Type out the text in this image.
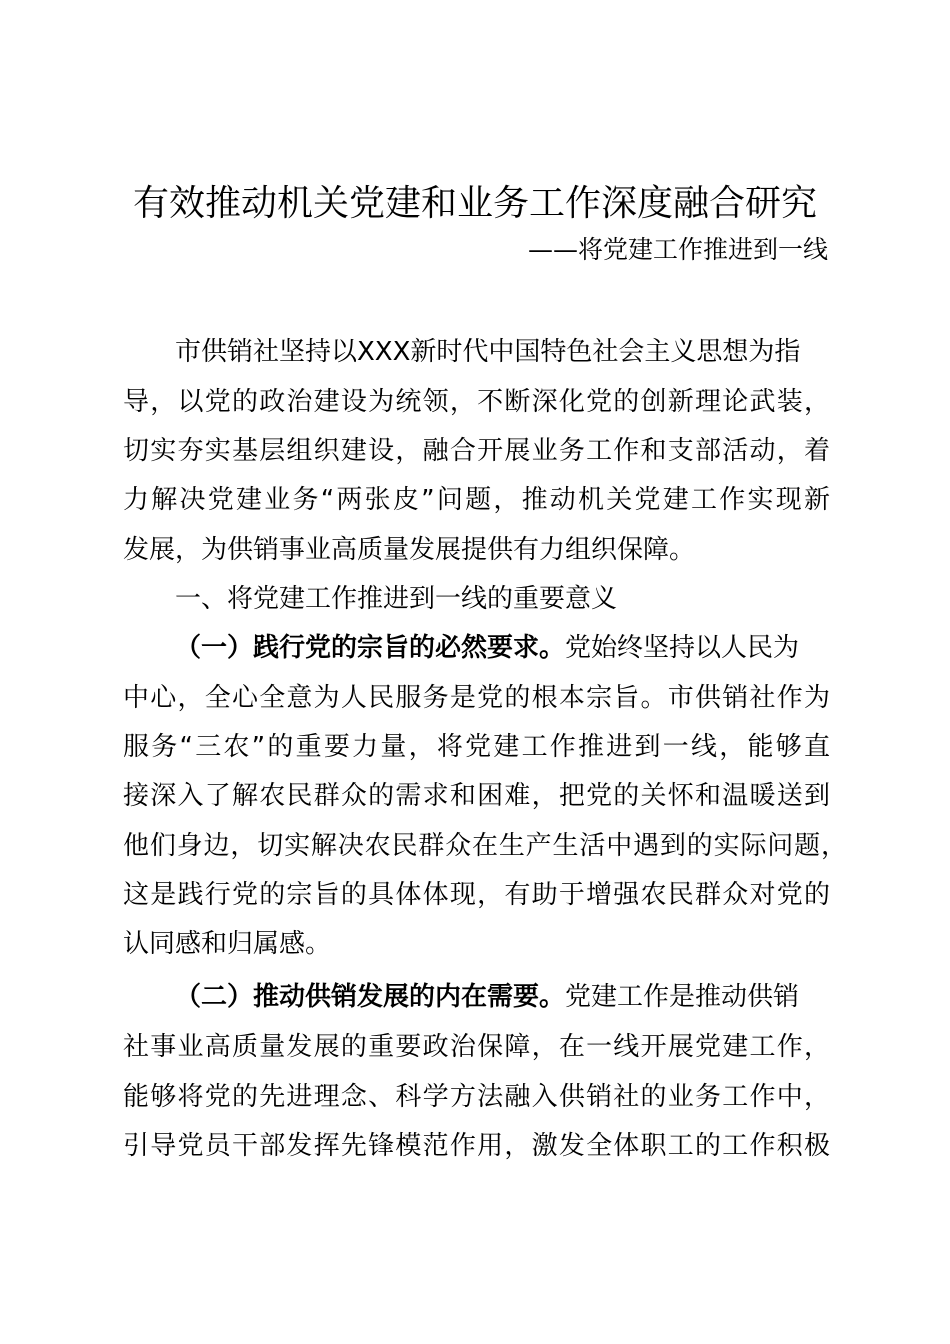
有效推动机关党建和业务工作深度融合研究
——将党建工作推进到一线
市供销社坚持以XXX新时代中国特色社会主义思想为指
导，以党的政治建设为统领，不断深化党的创新理论武装，
切实夯实基层组织建设，融合开展业务工作和支部活动，着
力解决党建业务“两张皮”问题，推动机关党建工作实现新
发展，为供销事业高质量发展提供有力组织保障。
一、将党建工作推进到一线的重要意义
（一）践行党的宗旨的必然要求。党始终坚持以人民为
中心，全心全意为人民服务是党的根本宗旨。市供销社作为
服务“三农”的重要力量，将党建工作推进到一线，能够直
接深入了解农民群众的需求和困难，把党的关怀和温暖送到
他们身边，切实解决农民群众在生产生活中遇到的实际问题，
这是践行党的宗旨的具体体现，有助于增强农民群众对党的
认同感和归属感。
（二）推动供销发展的内在需要。党建工作是推动供销
社事业高质量发展的重要政治保障，在一线开展党建工作，
能够将党的先进理念、科学方法融入供销社的业务工作中，
引导党员干部发挥先锋模范作用，激发全体职工的工作积极
